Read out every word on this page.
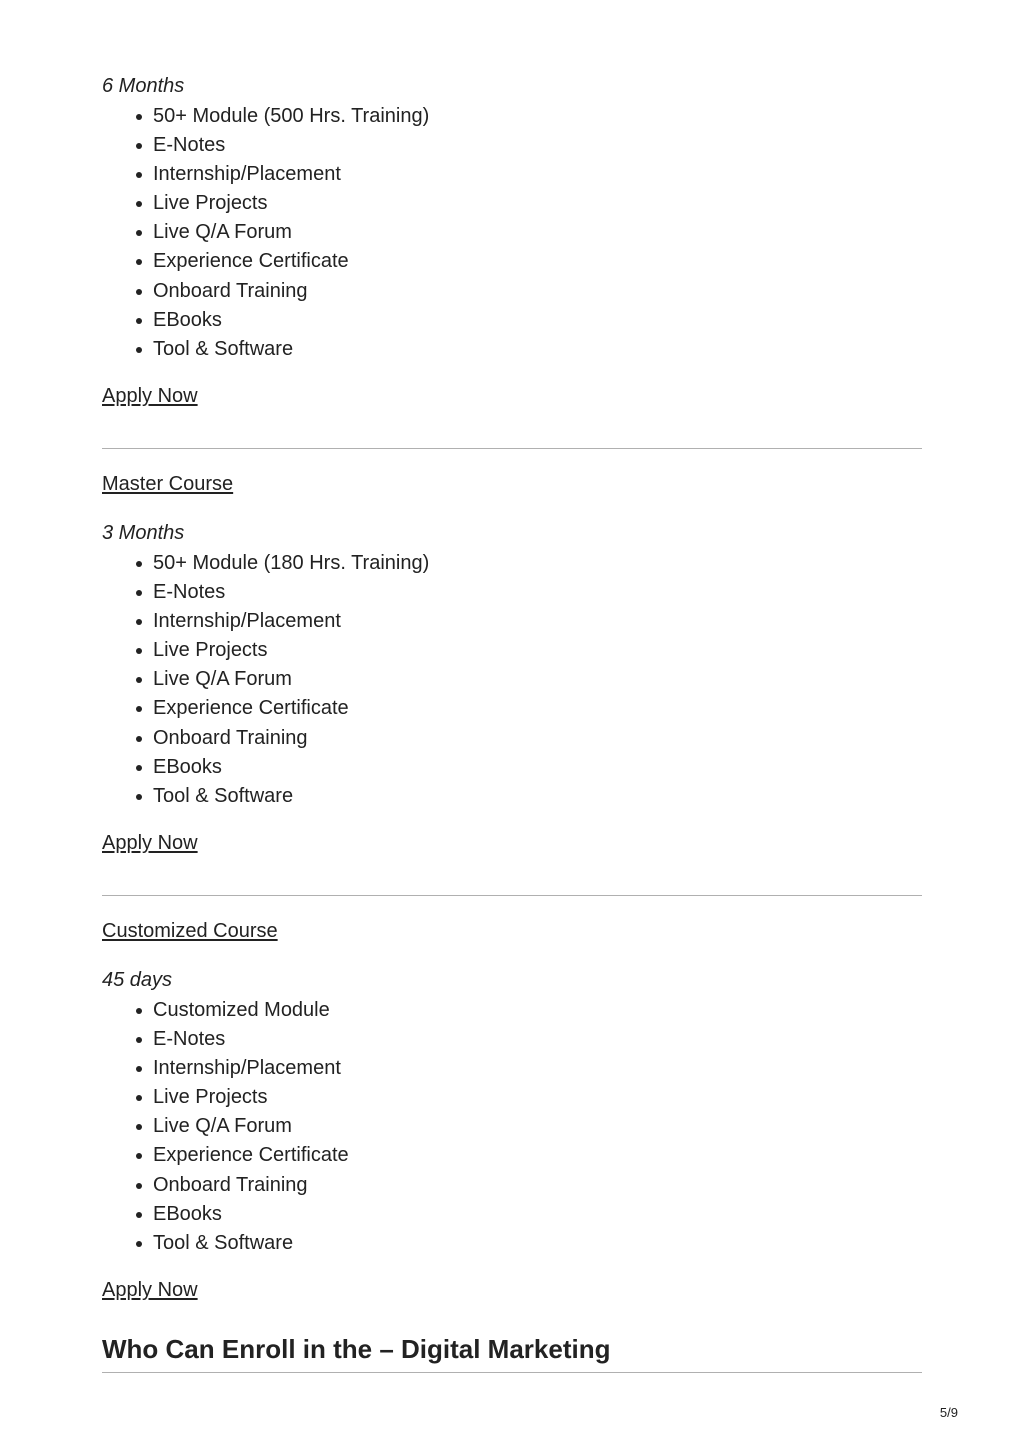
6 Months

50+ Module (500 Hrs. Training)
E-Notes
Internship/Placement
Live Projects
Live Q/A Forum
Experience Certificate
Onboard Training
EBooks
Tool & Software
Apply Now
Master Course

3 Months

50+ Module (180 Hrs. Training)
E-Notes
Internship/Placement
Live Projects
Live Q/A Forum
Experience Certificate
Onboard Training
EBooks
Tool & Software
Apply Now
Customized Course

45 days

Customized Module
E-Notes
Internship/Placement
Live Projects
Live Q/A Forum
Experience Certificate
Onboard Training
EBooks
Tool & Software
Apply Now
Who Can Enroll in the – Digital Marketing
5/9
